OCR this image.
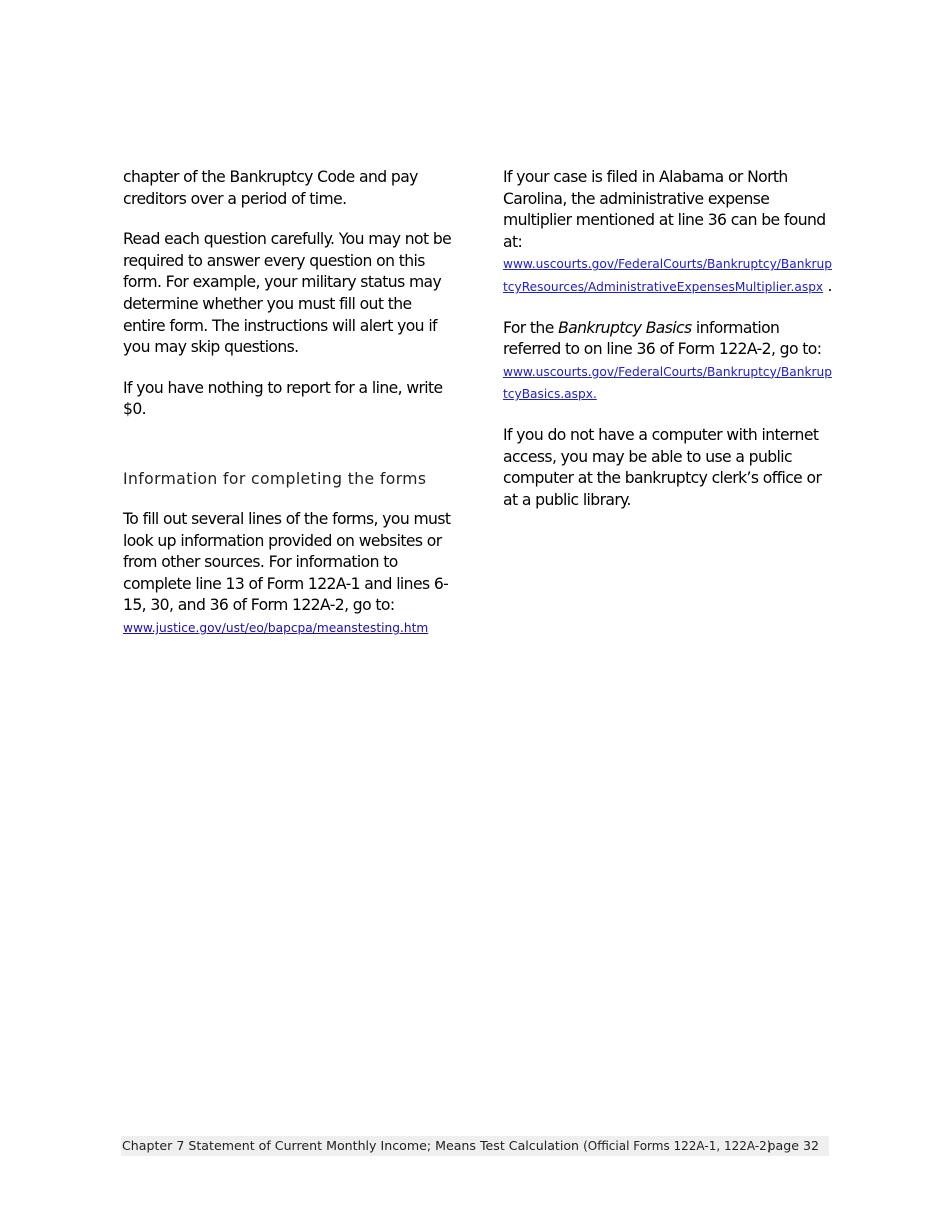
chapter of the Bankruptcy Code and pay creditors over a period of time.

Read each question carefully. You may not be required to answer every question on this form. For example, your military status may determine whether you must fill out the entire form. The instructions will alert you if you may skip questions.

If you have nothing to report for a line, write $0.

Information for completing the forms

To fill out several lines of the forms, you must look up information provided on websites or from other sources. For information to complete line 13 of Form 122A-1 and lines 6-15, 30, and 36 of Form 122A-2, go to:
www.justice.gov/ust/eo/bapcpa/meanstesting.htm

If your case is filed in Alabama or North Carolina, the administrative expense multiplier mentioned at line 36 can be found at:
www.uscourts.gov/FederalCourts/Bankruptcy/BankruptcyResources/AdministrativeExpensesMultiplier.aspx .

For the Bankruptcy Basics information referred to on line 36 of Form 122A-2, go to:
www.uscourts.gov/FederalCourts/Bankruptcy/BankruptcyBasics.aspx.

If you do not have a computer with internet access, you may be able to use a public computer at the bankruptcy clerk’s office or at a public library.

Chapter 7 Statement of Current Monthly Income; Means Test Calculation (Official Forms 122A-1, 122A-2)
page 32
